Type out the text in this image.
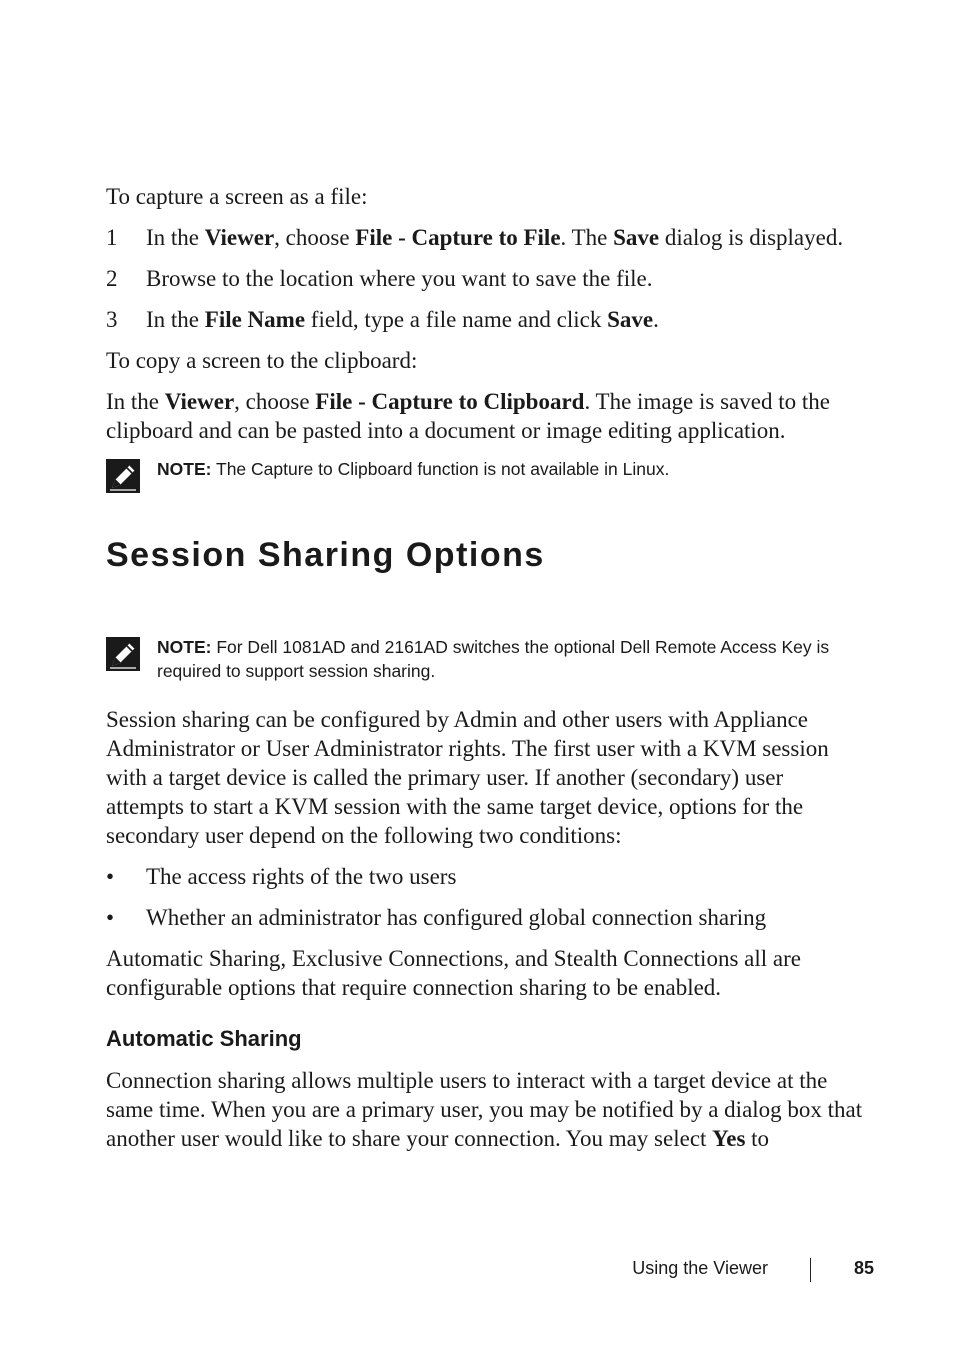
To capture a screen as a file:

1	In the Viewer, choose File - Capture to File. The Save dialog is displayed.
2	Browse to the location where you want to save the file.
3	In the File Name field, type a file name and click Save.

To copy a screen to the clipboard:

In the Viewer, choose File - Capture to Clipboard. The image is saved to the clipboard and can be pasted into a document or image editing application.

NOTE: The Capture to Clipboard function is not available in Linux.
Session Sharing Options
NOTE: For Dell 1081AD and 2161AD switches the optional Dell Remote Access Key is required to support session sharing.

Session sharing can be configured by Admin and other users with Appliance Administrator or User Administrator rights. The first user with a KVM session with a target device is called the primary user. If another (secondary) user attempts to start a KVM session with the same target device, options for the secondary user depend on the following two conditions:

•	The access rights of the two users
•	Whether an administrator has configured global connection sharing

Automatic Sharing, Exclusive Connections, and Stealth Connections all are configurable options that require connection sharing to be enabled.

Automatic Sharing

Connection sharing allows multiple users to interact with a target device at the same time. When you are a primary user, you may be notified by a dialog box that another user would like to share your connection. You may select Yes to

Using the Viewer	85
